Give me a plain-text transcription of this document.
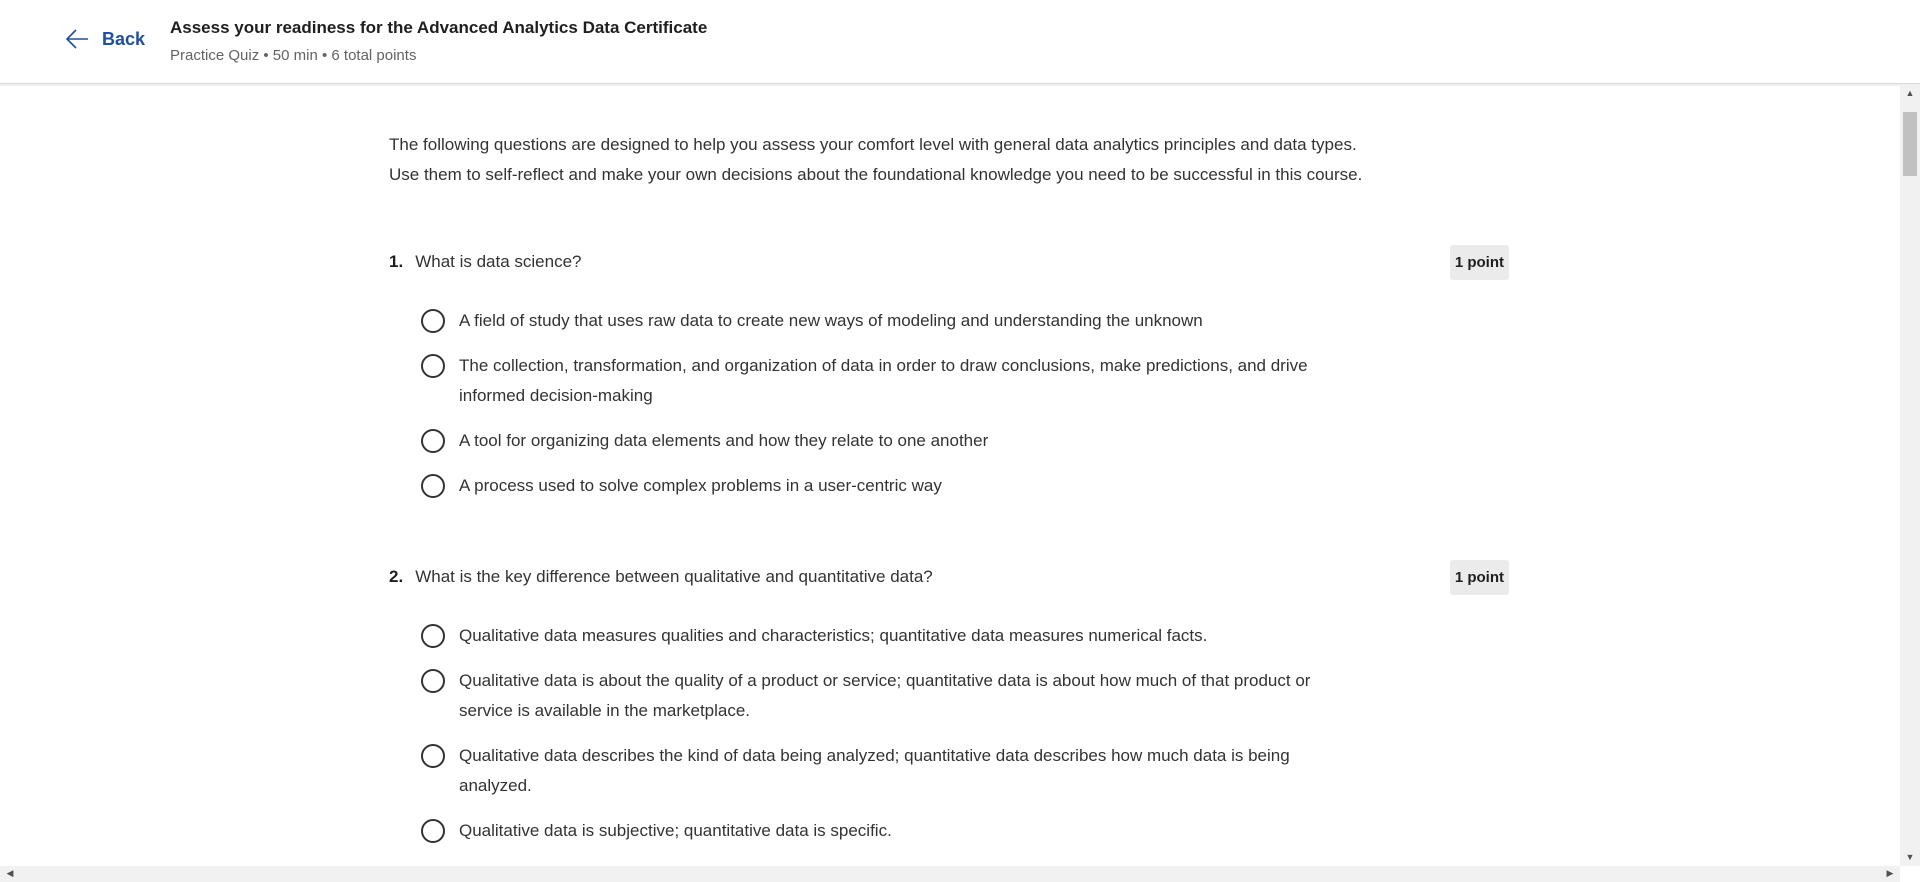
Back
Assess your readiness for the Advanced Analytics Data Certificate
Practice Quiz • 50 min • 6 total points
The following questions are designed to help you assess your comfort level with general data analytics principles and data types.
Use them to self-reflect and make your own decisions about the foundational knowledge you need to be successful in this course.
1. What is data science?	1 point
A field of study that uses raw data to create new ways of modeling and understanding the unknown
The collection, transformation, and organization of data in order to draw conclusions, make predictions, and drive informed decision-making
A tool for organizing data elements and how they relate to one another
A process used to solve complex problems in a user-centric way
2. What is the key difference between qualitative and quantitative data?	1 point
Qualitative data measures qualities and characteristics; quantitative data measures numerical facts.
Qualitative data is about the quality of a product or service; quantitative data is about how much of that product or service is available in the marketplace.
Qualitative data describes the kind of data being analyzed; quantitative data describes how much data is being analyzed.
Qualitative data is subjective; quantitative data is specific.
▲
▼
◀	▶
